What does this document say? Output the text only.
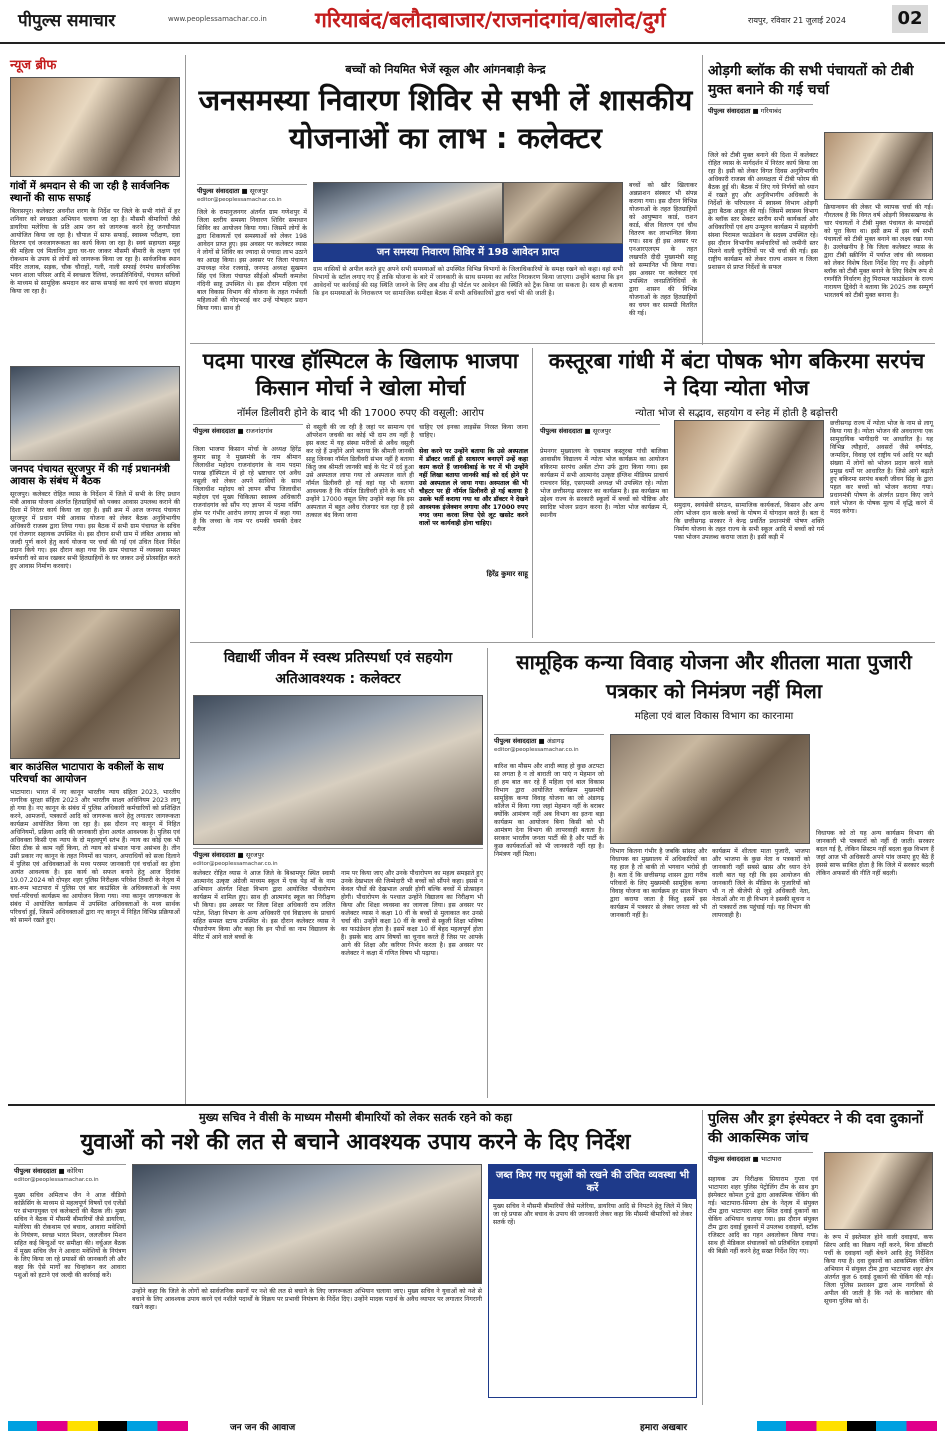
पीपुल्स समाचार	www.peoplessamachar.co.in गरियाबंद/बलौदाबाजार/राजनांदगांव/बालोद/दुर्ग	रायपुर, रविवार 21 जुलाई 2024	02
न्यूज ब्रीफ
गांवों में श्रमदान से की जा रही है सार्वजनिक स्थानों की साफ सफाई
बिलासपुर। कलेक्टर अवनीश शरण के निर्देश पर जिले के सभी गांवों में हर शनिवार को स्वच्छता अभियान चलाया जा रहा है। मौसमी बीमारियों जैसे डायरिया मलेरिया के प्रति आम जन को जागरूक करने हेतु जनचौपाल आयोजित किया जा रहा है। चौपाल में साफ सफाई, स्वास्थ्य परीक्षण, दवा वितरण एवं जनजागरूकता का कार्य किया जा रहा है। स्वयं सहायता समूह की महिला एवं मितानिन द्वारा घर-घर जाकर मौसमी बीमारी के लक्षण एवं रोकथाम के उपाय से लोगों को जागरूक किया जा रहा है। सार्वजनिक स्थान मंदिर तालाब, सड़क, चौक चौराहों, गली, नाली सफाई रंगमंच सार्वजनिक भवन शाला परिसर आदि में स्वच्छता रैलियां, जनप्रतिनिधियों, पंचायत सचिवों के माध्यम से सामूहिक श्रमदान कर साफ सफाई का कार्य एवं कचरा संग्रहण किया जा रहा है।
जनपद पंचायत सूरजपुर में की गई प्रधानमंत्री आवास के संबंध में बैठक
सूरजपुर। कलेक्टर रोहित व्यास के निर्देशन में जिले में सभी के लिए प्रधान मंत्री आवास योजना अंतर्गत हितग्राहियों को पक्का आवास उपलब्ध कराने की दिशा में निरंतर कार्य किया जा रहा है। इसी क्रम में आज जनपद पंचायत सूरजपुर में प्रधान मंत्री आवास योजना को लेकर बैठक अनुविभागीय अधिकारी राजस्व द्वारा लिया गया। इस बैठक में सभी ग्राम पंचायत के सचिव एवं रोजगार सहायक उपस्थित थे। इस दौरान सभी ग्राम में लंबित आवास को जल्दी पूर्ण करने हेतु कार्य योजना पर चर्चा की गई एवं उचित दिशा निर्देश प्रदान किये गए। इस दौरान कहा गया कि ग्राम पंचायत में व्यवस्था समस्त कर्मचारी को साथ रखकर सभी हितग्राहियों के घर जाकर उन्हें प्रोत्साहित करते हुए आवास निर्माण करवाएं।
बार काउंसिल भाटापारा के वकीलों के साथ परिचर्चा का आयोजन
भाटापारा। भारत में नए कानून भारतीय न्याय संहिता 2023, भारतीय नागरिक सुरक्षा संहिता 2023 और भारतीय साक्ष्य अधिनियम 2023 लागू हो गया है। नए कानून के संबंध में पुलिस अधिकारी कर्मचारियों को प्रशिक्षित करने, आमजनों, पत्रकारों आदि को जागरूक करने हेतु लगातार जागरूकता कार्यक्रम आयोजित किया जा रहा है। इस दौरान नए कानून में निहित अधिनियमों, प्रक्रिया आदि की जानकारी होना अत्यंत आवश्यक है। पुलिस एवं अधिवक्ता किसी एक न्याय के दो महत्वपूर्ण स्तंभ हैं। न्याय का कोई एक भी सिरा ठीक से काम नहीं किया, तो न्याय को संभाल पाना असंभव है। तीन उसी प्रकार नए कानून के तहत नियमों का पालन, अपराधियों को सजा दिलाने में पुलिस एवं अधिवक्ताओं के मध्य परस्पर जानकारी एवं चर्चाओं का होना अत्यंत आवश्यक है। इस कार्य को सफल बनाने हेतु आज दिनांक 19.07.2024 को दोपहर शहर पुलिस निरीक्षक परिवेश तिवारी के नेतृत्व में बार-रूम भाटापारा में पुलिस एवं बार काउंसिल के अधिवक्ताओं के मध्य चर्चा-परिचर्चा कार्यक्रम का आयोजन किया गया। नया कानून जागरूकता के संबंध में आयोजित कार्यक्रम में उपस्थित अधिवक्ताओं के मध्य सार्थक परिचर्चा हुई, जिसमें अधिवक्ताओं द्वारा नए कानून में निहित विभिन्न प्रक्रियाओं को सामने रखते हुए।
बच्चों को नियमित भेजें स्कूल और आंगनबाड़ी केन्द्र
जनसमस्या निवारण शिविर से सभी लें शासकीय योजनाओं का लाभ : कलेक्टर
पीपुल्स संवाददाता ■ सूरजपुर
editor@peoplessamachar.co.in
जिले के रामानुजनगर अंतर्गत ग्राम गणेशपुर में जिला स्तरीय समस्या निवारण शिविर समाधान शिविर का आयोजन किया गया। जिसमें लोगों के द्वारा शिकायतों एवं समस्याओं को लेकर 198 आवेदन प्राप्त हुए। इस अवसर पर कलेक्टर व्यास ने लोगों से शिविर का ज्यादा से ज्यादा लाभ उठाने का आग्रह किया। इस अवसर पर जिला पंचायत उपाध्यक्ष नरेश रजवाड़े, जनपद अध्यक्ष सुखमन सिंह एवं जिला पंचायत सीईओ श्रीमती कमलेश नंदिनी साहू उपस्थित थे। इस दौरान महिला एवं बाल विकास विभाग की योजना के तहत गर्भवती महिलाओं की गोदभराई कर उन्हें पोषाहार प्रदान किया गया। साथ ही
जन समस्या निवारण शिविर में 198 आवेदन प्राप्त
ग्राम वासियों से अपील करते हुए अपने सभी समस्याओं को उपस्थित विभिन्न विभागों के जिलाधिकारियों के समक्ष रखने को कहा। वहां सभी विभागों के स्टॉल लगाए गए हैं ताकि योजना के बारे में जानकारी के साथ समस्या का त्वरित निराकरण किया जाएगा। उन्होंने बताया कि इन आवेदनों पर कार्रवाई की सह स्थिति जानने के लिए अब शीघ्र ही पोर्टल पर आवेदन की स्थिति को ट्रैक किया जा सकता है। साथ ही बताया कि इन समस्याओं के निराकरण पर सामाजिक समीक्षा बैठक में सभी अधिकारियों द्वारा चर्चा भी की जाती है।
बच्चों को खीर खिलाकर अन्नप्राशन संस्कार भी संपन्न कराया गया। इस दौरान विभिन्न योजनाओं के तहत हितग्राहियों को आयुष्मान कार्ड, राशन कार्ड, बीज वितरण एवं चौथ वितरण कर लाभान्वित किया गया। साथ ही इस अवसर पर एनआरएलएम के तहत लखपति दीदी मुख्यमंत्री साहू को सम्मानित भी किया गया। इस अवसर पर कलेक्टर एवं उपस्थित जनप्रतिनिधियों के द्वारा शासन की विभिन्न योजनाओं के तहत हितग्राहियों का चयन कर सामग्री वितरित की गई।
ओड़गी ब्लॉक की सभी पंचायतों को टीबी मुक्त बनाने की गई चर्चा
पीपुल्स संवाददाता ■ गरियाबंद
जिले को टीबी मुक्त बनाने की दिशा में कलेक्टर रोहित व्यास के मार्गदर्शन में निरंतर कार्य किया जा रहा है। इसी को लेकर विगत दिवस अनुविभागीय अधिकारी राजस्व की अध्यक्षता में टीबी फोरम की बैठक हुई थी। बैठक में लिए गये निर्णयों को ध्यान में रखते हुए और अनुविभागीय अधिकारी के निर्देशों के परिपालन में स्वास्थ्य विभाग ओड़गी द्वारा बैठक आहूत की गई। जिसमें स्वास्थ्य विभाग के ब्लॉक स्तर सेक्टर स्तरीय सभी कार्यकर्ता और अधिकारियों एवं क्षय उन्मूलन कार्यक्रम में सहयोगी संस्था पिरामल फाउंडेशन के सदस्य उपस्थित रहे। इस दौरान विभागीय कर्मचारियों को जमीनी स्तर मिलने वाली चुनौतियों पर भी चर्चा की गई। इस राष्ट्रीय कार्यक्रम को लेकर राज्य शासन व जिला प्रशासन से प्राप्त निर्देशों के सफल
क्रियान्वयन की लेकर भी व्यापक चर्चा की गई। गौरतलब है कि विगत वर्ष ओड़गी विकासखण्ड के चार पंचायतों ने टीबी मुक्त पंचायत के मापदंडों को पूरा किया था। इसी क्रम में इस वर्ष सभी पंचायतों को टीबी मुक्त बनाने का लक्ष्य रखा गया है। उल्लेखनीय है कि जिला कलेक्टर व्यास के द्वारा टीबी स्क्रीनिंग में पर्याप्त जांच की व्यवस्था को लेकर विशेष दिशा निर्देश दिए गए हैं। ओड़गी ब्लॉक को टीबी मुक्त बनाने के लिए विशेष रूप से रणनीति निर्धारण हेतु पिरामल फाउंडेशन के राज्य नारायण द्विवेदी ने बताया कि 2025 तक सम्पूर्ण भारतवर्ष को टीबी मुक्त बनाना है।
पदमा पारख हॉस्पिटल के खिलाफ भाजपा किसान मोर्चा ने खोला मोर्चा
नॉर्मल डिलीवरी होने के बाद भी की 17000 रुपए की वसूली: आरोप
पीपुल्स संवाददाता ■ राजनांदगांव
जिला भाजपा किसान मोर्चा के अध्यक्ष हिरेंद्र कुमार साहू ने मुख्यमंत्री के नाम श्रीमान जिलाधीश महोदय राजनांदगांव के नाम पदमा पारख हॉस्पिटल में हो रहे भ्रष्टाचार एवं अवैध वसूली को लेकर अपने साथियों के साथ जिलाधीश महोदय को ज्ञापन सौंपा जिलाधीश महोदय एवं मुख्य चिकित्सा स्वास्थ्य अधिकारी राजनांदगांव को सौंप गए ज्ञापन में पदमा नर्सिंग होम पर गंभीर आरोप लगाए ज्ञापन में कहा गया है कि जच्चा के नाम पर धमकी चमकी देकर मरीज
से वसूली की जा रही है जहां पर सामान्य एवं ऑपरेशन जचकी का कोई भी दाम तय नहीं है इस बजट में यह संस्था मरीजों से अवैध वसूली कर रहे हैं उन्होंने आगे बताया कि श्रीमती जानकी साहू जिनका नॉर्मल डिलीवरी संभव नहीं है बताया किंतु जब श्रीमती जानकी बाई के पेट में दर्द हुआ उसे अस्पताल लाया गया तो अस्पताल वाले ही नॉर्मल डिलीवरी हो गई वहां यह भी बताया आवश्यक है कि नॉर्मल डिलीवरी होने के बाद भी उन्होंने 17000 वसूल लिए उन्होंने कहा कि इस अस्पताल में बहुत अवैध रोजगार चल रहा है इसे तत्काल बंद किया जाना
चाहिए एवं इनका लाइसेंस निरस्त किया जाना चाहिए।
सेवा करने पर उन्होंने बताया कि उसे अस्पताल में डॉक्टर जातीं ही साधारण बनाएगें उन्हें कहा काम करते हैं जानकीबाई के घर में भी उन्होंने नहीं लिखा बताया जानकी बाई को दर्द होने पर उसे अस्पताल ले जाया गया। अस्पताल की भी चौहटर पर ही नॉर्मल डिलीवरी हो गई बताया है उसके भर्ती कराया गया था और डॉक्टर ने देखने आवश्यक इंजेक्शन लगाया और 17000 रुपए नगद जमा करवा लिया ऐसे लूट खसोट करने वालों पर कार्यवाही होना चाहिए।
हिरेंद्र कुमार साहू
कस्तूरबा गांधी में बंटा पोषक भोग बकिरमा सरपंच ने दिया न्योता भोज
न्योता भोज से सद्भाव, सहयोग व स्नेह में होती है बढ़ोत्तरी
पीपुल्स संवाददाता ■ सूरजपुर
प्रेमनगर मुख्यालय के एकमात्र कस्तूरबा गांधी बालिका आवासीय विद्यालय में न्योता भोज कार्यक्रम का आयोजन बकिरमा सरपंच अर्बेल टोपा उर्फ द्वारा किया गया। इस कार्यक्रम में सभी आत्मानंद उत्कृष्ट इंग्लिश मीडियम प्राचार्य रामचरन सिंह, एसएमसी अध्यक्ष भी उपस्थित रहे। न्योता भोज छत्तीसगढ़ सरकार का कार्यक्रम है। इस कार्यक्रम का उद्देश्य राज्य के सरकारी स्कूलों में बच्चों को पौष्टिक और स्वादिष्ट भोजन प्रदान करना है। न्योता भोज कार्यक्रम में, स्थानीय
समुदाय, स्वयंसेवी संगठन, सामाजिक कार्यकर्ता, किसान और अन्य लोग भोजन दान करके बच्चों के पोषण में योगदान करते हैं। बता दें कि छत्तीसगढ़ सरकार ने केन्द्र प्रवर्तित प्रधानमंत्री पोषण शक्ति निर्माण योजना के तहत राज्य के सभी स्कूल आदि में बच्चों को गर्म पका भोजन उपलब्ध कराया जाता है। इसी कड़ी में
छत्तीसगढ़ राज्य में न्योता भोज के नाम से लागू किया गया है। न्योता भोजन की अवधारणा एक सामुदायिक भागीदारी पर आधारित है। यह विभिन्न त्यौहारों, अवसरों जैसे वर्षगांठ, जन्मदिन, विवाह एवं राष्ट्रीय पर्व आदि पर बढ़ी संख्या में लोगों को भोजन प्रदान करने वाले प्रमुख धर्मों पर आधारित है। जिसे आगे बढ़ाते हुए बकिरमा सरपंच बबली जीवन सिंह के द्वारा पहल कर बच्चों को भोजन कराया गया। प्रधानमंत्री पोषण के अंतर्गत प्रदान किए जाने वाले भोजन के पोषक मूल्य में वृद्धि करने में मदद करेगा।
विद्यार्थी जीवन में स्वस्थ प्रतिस्पर्धा एवं सहयोग अतिआवश्यक : कलेक्टर
पीपुल्स संवाददाता ■ सूरजपुर
editor@peoplessamachar.co.in
कलेक्टर रोहित व्यास ने आज जिले के बिश्रामपुर स्थित स्वामी आत्मानंद उत्कृष्ट अंग्रेजी माध्यम स्कूल में एक पेड़ माँ के नाम अभियान अंतर्गत शिक्षा विभाग द्वारा आयोजित पौधारोपण कार्यक्रम में शामिल हुए। साथ ही आत्मानंद स्कूल का निरीक्षण भी किया। इस अवसर पर जिला शिक्षा अधिकारी राम ललित पटेल, शिक्षा विभाग के अन्य अधिकारी एवं विद्यालय के प्राचार्य सहित समस्त स्टाफ उपस्थित थे। इस दौरान कलेक्टर व्यास ने पौधारोपण किया और कहा कि इन पौधों का नाम विद्यालय के मेरिट में आने वाले बच्चों के
नाम पर किया जाए और उनके पौधारोपण का महत्व समझाते हुए उनके देखभाल की जिम्मेदारी भी बच्चों को सौंपने कहा। इससे न केवल पौधों की देखभाल अच्छी होगी बल्कि बच्चों में प्रोत्साहन होगी। पौधारोपण के पश्चात उन्होंने विद्यालय का निरीक्षण भी किया और शिक्षा व्यवस्था का जायजा लिया। इस अवसर पर कलेक्टर व्यास ने कक्षा 10 वीं के बच्चों से मुलाकात कर उनसे चर्चा की। उन्होंने कक्षा 10 वीं के बच्चों से स्कूली शिक्षा भविष्य का फाउंडेशन होता है। इसमें कक्षा 10 वीं बेहद महत्वपूर्ण होता है। इसके बाद आप विषयों का चुनाव करते हैं जिस पर आपके आगे की शिक्षा और करियर निर्भर करता है। इस अवसर पर कलेक्टर ने कक्षा में गणित विषय भी पढ़ाया।
सामूहिक कन्या विवाह योजना और शीतला माता पुजारी पत्रकार को निमंत्रण नहीं मिला
महिला एवं बाल विकास विभाग का कारनामा
पीपुल्स संवाददाता ■ अंडागढ़
editor@peoplessamachar.co.in
बारिश का मौसम और शादी ब्याह हो कुछ अटपटा सा लगता है न तो बाराती जा पाएं न मेहमान जो हां हम बात कर रहे हैं महिला एवं बाल विकास विभाग द्वारा आयोजित कार्यक्रम मुख्यमंत्री सामूहिक कन्या विवाह योजना का जो अंडागढ़ कॉलेज में किया गया जहां मेहमान नहीं के बराबर क्योंकि आमंत्रण नहीं अब विभाग का इतना बड़ा कार्यक्रम का आयोजन बिना किसी को भी आमंत्रण देना विभाग की लापरवाही बताता है। सरकार भारतीय जनता पार्टी की है और पार्टी के कुछ कार्यकर्ताओं को भी जानकारी नहीं रहा है। निमंत्रण नहीं मिला।	विभाग कितना गंभीर है जबकि सांसद और विधायक का मुख्यालय में अधिकारियों का यह हाल है तो बाकी तो भगवान भरोसे ही है। बता दें कि छत्तीसगढ़ शासन द्वारा गरीब परिवारों के लिए मुख्यमंत्री सामूहिक कन्या विवाह योजना का कार्यक्रम हर साल विभाग द्वारा कराया जाता है किंतु इसमें इस कार्यक्रम में पत्रकार से लेकर जनता को भी जानकारी नहीं है।
कार्यक्रम में शीतला माता पुजारी, भाजपा और भाजपा के कुछ नेता व पत्रकारों को जानकारी नहीं सबसे खास और ध्यान देने वाली बात यह रही कि इस आयोजन की जानकारी जिले के मीडिया के पुजारियों को भी न तो बीजेपी से जुड़े अधिकारी नेता, नेताओं और ना ही विभाग ने इसकी सूचना न तो पत्रकारों तक पहुंचाई गई। यह विभाग की लापरवाही है।
विधायक को तो यह अन्य कार्यक्रम विभाग की जानकारी भी पत्रकारों को नहीं दी जाती। सरकार बदल गई है, लेकिन सिस्टम नहीं बदला कुछ विभाग हैं जहां आज भी अधिकारी अपने पांव जमाए हुए बैठे हैं इससे साफ साबित होता है कि जिले में सरकार बदली लेकिन अफसरों की नीति नहीं बदली।
मुख्य सचिव ने वीसी के माध्यम मौसमी बीमारियों को लेकर सतर्क रहने को कहा
युवाओं को नशे की लत से बचाने आवश्यक उपाय करने के दिए निर्देश
पीपुल्स संवाददाता ■ कोरिया
editor@peoplessamachar.co.in
मुख्य सचिव अमिताभ जैन ने आज वीडियो कांफ्रेंसिंग के माध्यम से महत्वपूर्ण विषयों एवं एजेंडों पर संभागायुक्त एवं कलेक्टरों की बैठक ली। मुख्य सचिव ने बैठक में मौसमी बीमारियों जैसे डायरिया, मलेरिया की रोकथाम एवं बचाव, आवारा मवेशियों के नियंत्रण, स्वच्छ भारत मिशन, जलजीवन मिशन सहित कई बिन्दुओं पर समीक्षा की। वर्चुअल बैठक में मुख्य सचिव जैन ने आवारा मवेशियों के नियंत्रण के लिए किया जा रहे प्रयासों की जानकारी ली और कहा कि ऐसे मार्गों का चिन्हांकन कर आवारा पशुओं को हटाने एवं जल्दी की कार्रवाई करें।
उन्होंने कहा कि जिले के लोगों को सार्वजनिक स्थानों पर नशे की लत से बचाने के लिए जागरूकता अभियान चलाया जाए। मुख्य सचिव ने युवाओं को नशे से बचाने के लिए आवश्यक उपाय करने एवं नशीले पदार्थों के विक्रय पर प्रभावी नियंत्रण के निर्देश दिए। उन्होंने मादक पदार्थ के अवैध व्यापार पर लगातार निगरानी रखने कहा।
जब्त किए गए पशुओं को रखने की उचित व्यवस्था भी करें
मुख्य सचिव ने मौसमी बीमारियों जैसे मलेरिया, डायरिया आदि से निपटने हेतु जिले में किए जा रहे प्रयास और बचाव के उपाय की जानकारी लेकर कहा कि मौसमी बीमारियों को लेकर सतर्क रहें।
पुलिस और ड्रग इंस्पेक्टर ने की दवा दुकानों की आकस्मिक जांच
पीपुल्स संवाददाता ■ भाटापारा
सहायक उप निरीक्षक सियाराम गुप्ता एवं भाटापारा शहर पुलिस पेट्रोलिंग टीम के साथ ड्रग इंस्पेक्टर कोमल टुन्डे द्वारा आकस्मिक चेकिंग की गई। भाटापारा-सिमगा क्षेत्र के नेतृत्व में संयुक्त टीम द्वारा भाटापारा शहर स्थित दवाई दुकानों का चेकिंग अभियान चलाया गया। इस दौरान संयुक्त टीम द्वारा दवाई दुकानों में उपलब्ध दवाइयों, स्टॉक रजिस्टर आदि का गहन अवलोकन किया गया। साथ ही मेडिकल संचालकों को प्रतिबंधित दवाइयों की बिक्री नहीं करने हेतु सख्त निर्देश दिए गए।
के रूप में इस्तेमाल होने वाली दवाइयां, कफ सिरप आदि का विक्रय नहीं करने, बिना डॉक्टरी पर्ची के दवाइयां नहीं बेचने आदि हेतु निर्देशित किया गया है। दवा दुकानों का आकस्मिक चेकिंग अभियान में संयुक्त टीम द्वारा भाटापारा शहर क्षेत्र अंतर्गत कुल 6 दवाई दुकानों की चेकिंग की गई। जिला पुलिस प्रशासन द्वारा आम नागरिकों से अपील की जाती है कि नशे के कारोबार की सूचना पुलिस को दें।
जन जन की आवाज	हमारा अखबार
